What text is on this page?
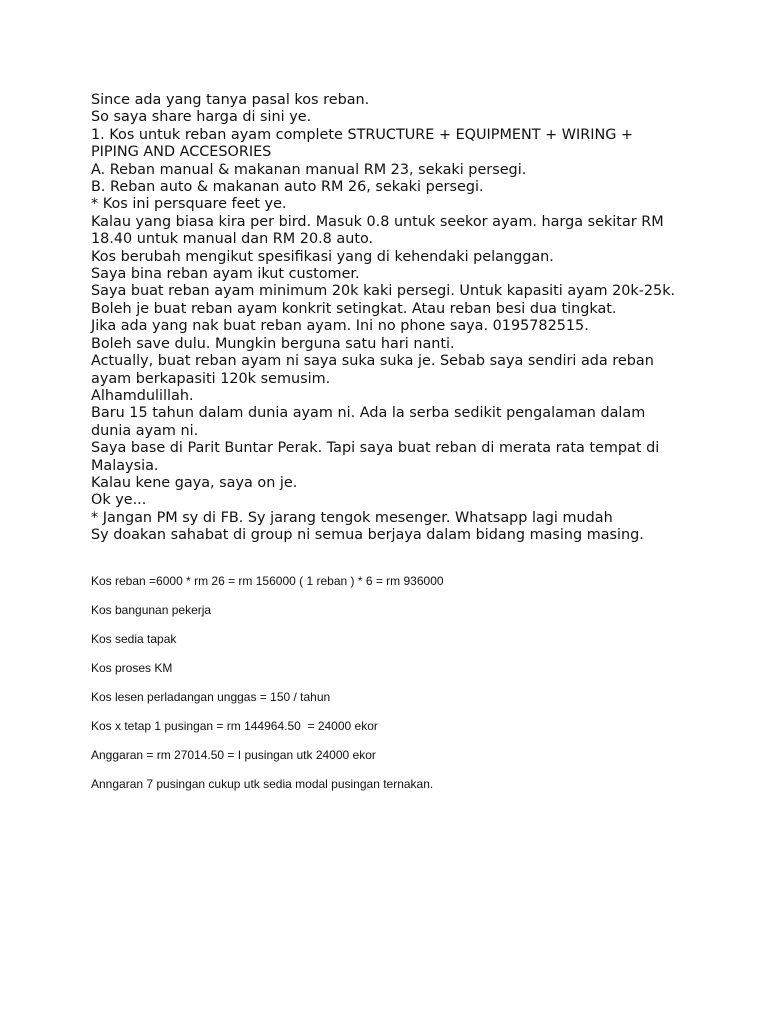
Since ada yang tanya pasal kos reban.
So saya share harga di sini ye.
1. Kos untuk reban ayam complete STRUCTURE + EQUIPMENT + WIRING +
PIPING AND ACCESORIES
A. Reban manual & makanan manual RM 23, sekaki persegi.
B. Reban auto & makanan auto RM 26, sekaki persegi.
* Kos ini persquare feet ye.
Kalau yang biasa kira per bird. Masuk 0.8 untuk seekor ayam. harga sekitar RM
18.40 untuk manual dan RM 20.8 auto.
Kos berubah mengikut spesifikasi yang di kehendaki pelanggan.
Saya bina reban ayam ikut customer.
Saya buat reban ayam minimum 20k kaki persegi. Untuk kapasiti ayam 20k-25k.
Boleh je buat reban ayam konkrit setingkat. Atau reban besi dua tingkat.
Jika ada yang nak buat reban ayam. Ini no phone saya. 0195782515.
Boleh save dulu. Mungkin berguna satu hari nanti.
Actually, buat reban ayam ni saya suka suka je. Sebab saya sendiri ada reban
ayam berkapasiti 120k semusim.
Alhamdulillah.
Baru 15 tahun dalam dunia ayam ni. Ada la serba sedikit pengalaman dalam
dunia ayam ni.
Saya base di Parit Buntar Perak. Tapi saya buat reban di merata rata tempat di
Malaysia.
Kalau kene gaya, saya on je.
Ok ye...
* Jangan PM sy di FB. Sy jarang tengok mesenger. Whatsapp lagi mudah
Sy doakan sahabat di group ni semua berjaya dalam bidang masing masing.
Kos reban =6000 * rm 26 = rm 156000 ( 1 reban ) * 6 = rm 936000
Kos bangunan pekerja
Kos sedia tapak
Kos proses KM
Kos lesen perladangan unggas = 150 / tahun
Kos x tetap 1 pusingan = rm 144964.50  = 24000 ekor
Anggaran = rm 27014.50 = I pusingan utk 24000 ekor
Anngaran 7 pusingan cukup utk sedia modal pusingan ternakan.
